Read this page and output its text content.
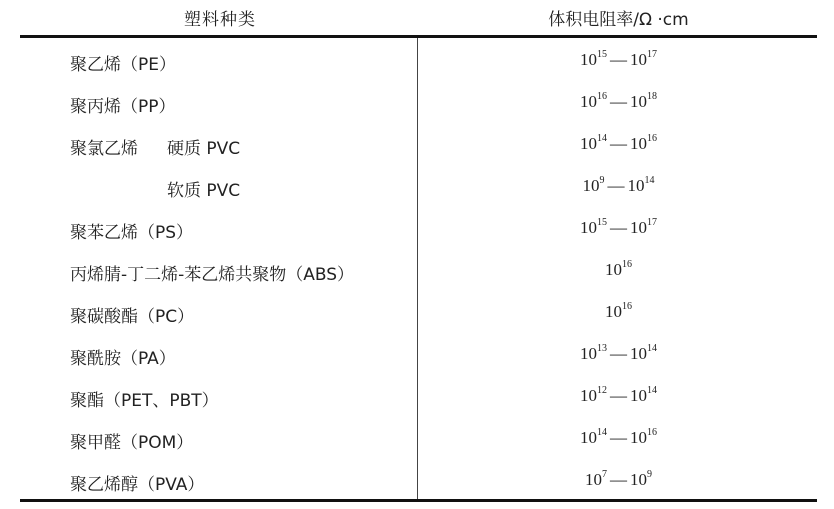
塑料种类	体积电阻率/Ω ·cm
聚乙烯（PE）	$10^{15}$ — $10^{17}$
聚丙烯（PP）	$10^{16}$ — $10^{18}$
聚氯乙烯 硬质 PVC	$10^{14}$ — $10^{16}$
软质 PVC	$10^9$ — $10^{14}$
聚苯乙烯（PS）	$10^{15}$ — $10^{17}$
丙烯腈-丁二烯-苯乙烯共聚物（ABS）	$10^{16}$
聚碳酸酯（PC）	$10^{16}$
聚酰胺（PA）	$10^{13}$ — $10^{14}$
聚酯（PET、PBT）	$10^{12}$ — $10^{14}$
聚甲醛（POM）	$10^{14}$ — $10^{16}$
聚乙烯醇（PVA）	$10^7$ — $10^9$
